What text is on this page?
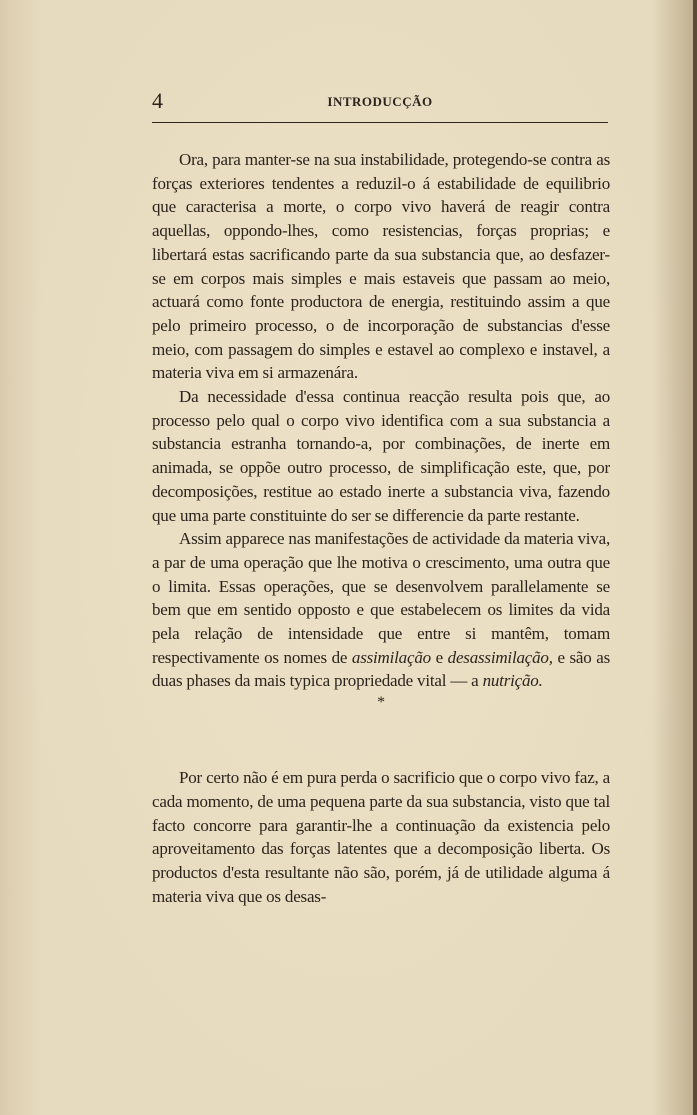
4	INTRODUCÇÃO

Ora, para manter-se na sua instabilidade, protegendo-se contra as forças exteriores tendentes a reduzil-o á estabilidade de equilibrio que caracterisa a morte, o corpo vivo haverá de reagir contra aquellas, oppondo-lhes, como resistencias, forças proprias; e libertará estas sacrificando parte da sua substancia que, ao desfazer-se em corpos mais simples e mais estaveis que passam ao meio, actuará como fonte productora de energia, restituindo assim a que pelo primeiro processo, o de incorporação de substancias d'esse meio, com passagem do simples e estavel ao complexo e instavel, a materia viva em si armazenára.

Da necessidade d'essa continua reacção resulta pois que, ao processo pelo qual o corpo vivo identifica com a sua substancia a substancia estranha tornando-a, por combinações, de inerte em animada, se oppõe outro processo, de simplificação este, que, por decomposições, restitue ao estado inerte a substancia viva, fazendo que uma parte constituinte do ser se differencie da parte restante.

Assim apparece nas manifestações de actividade da materia viva, a par de uma operação que lhe motiva o crescimento, uma outra que o limita. Essas operações, que se desenvolvem parallelamente se bem que em sentido opposto e que estabelecem os limites da vida pela relação de intensidade que entre si mantêm, tomam respectivamente os nomes de assimilação e desassimilação, e são as duas phases da mais typica propriedade vital — a nutrição.

*

Por certo não é em pura perda o sacrificio que o corpo vivo faz, a cada momento, de uma pequena parte da sua substancia, visto que tal facto concorre para garantir-lhe a continuação da existencia pelo aproveitamento das forças latentes que a decomposição liberta. Os productos d'esta resultante não são, porém, já de utilidade alguma á materia viva que os desas-
